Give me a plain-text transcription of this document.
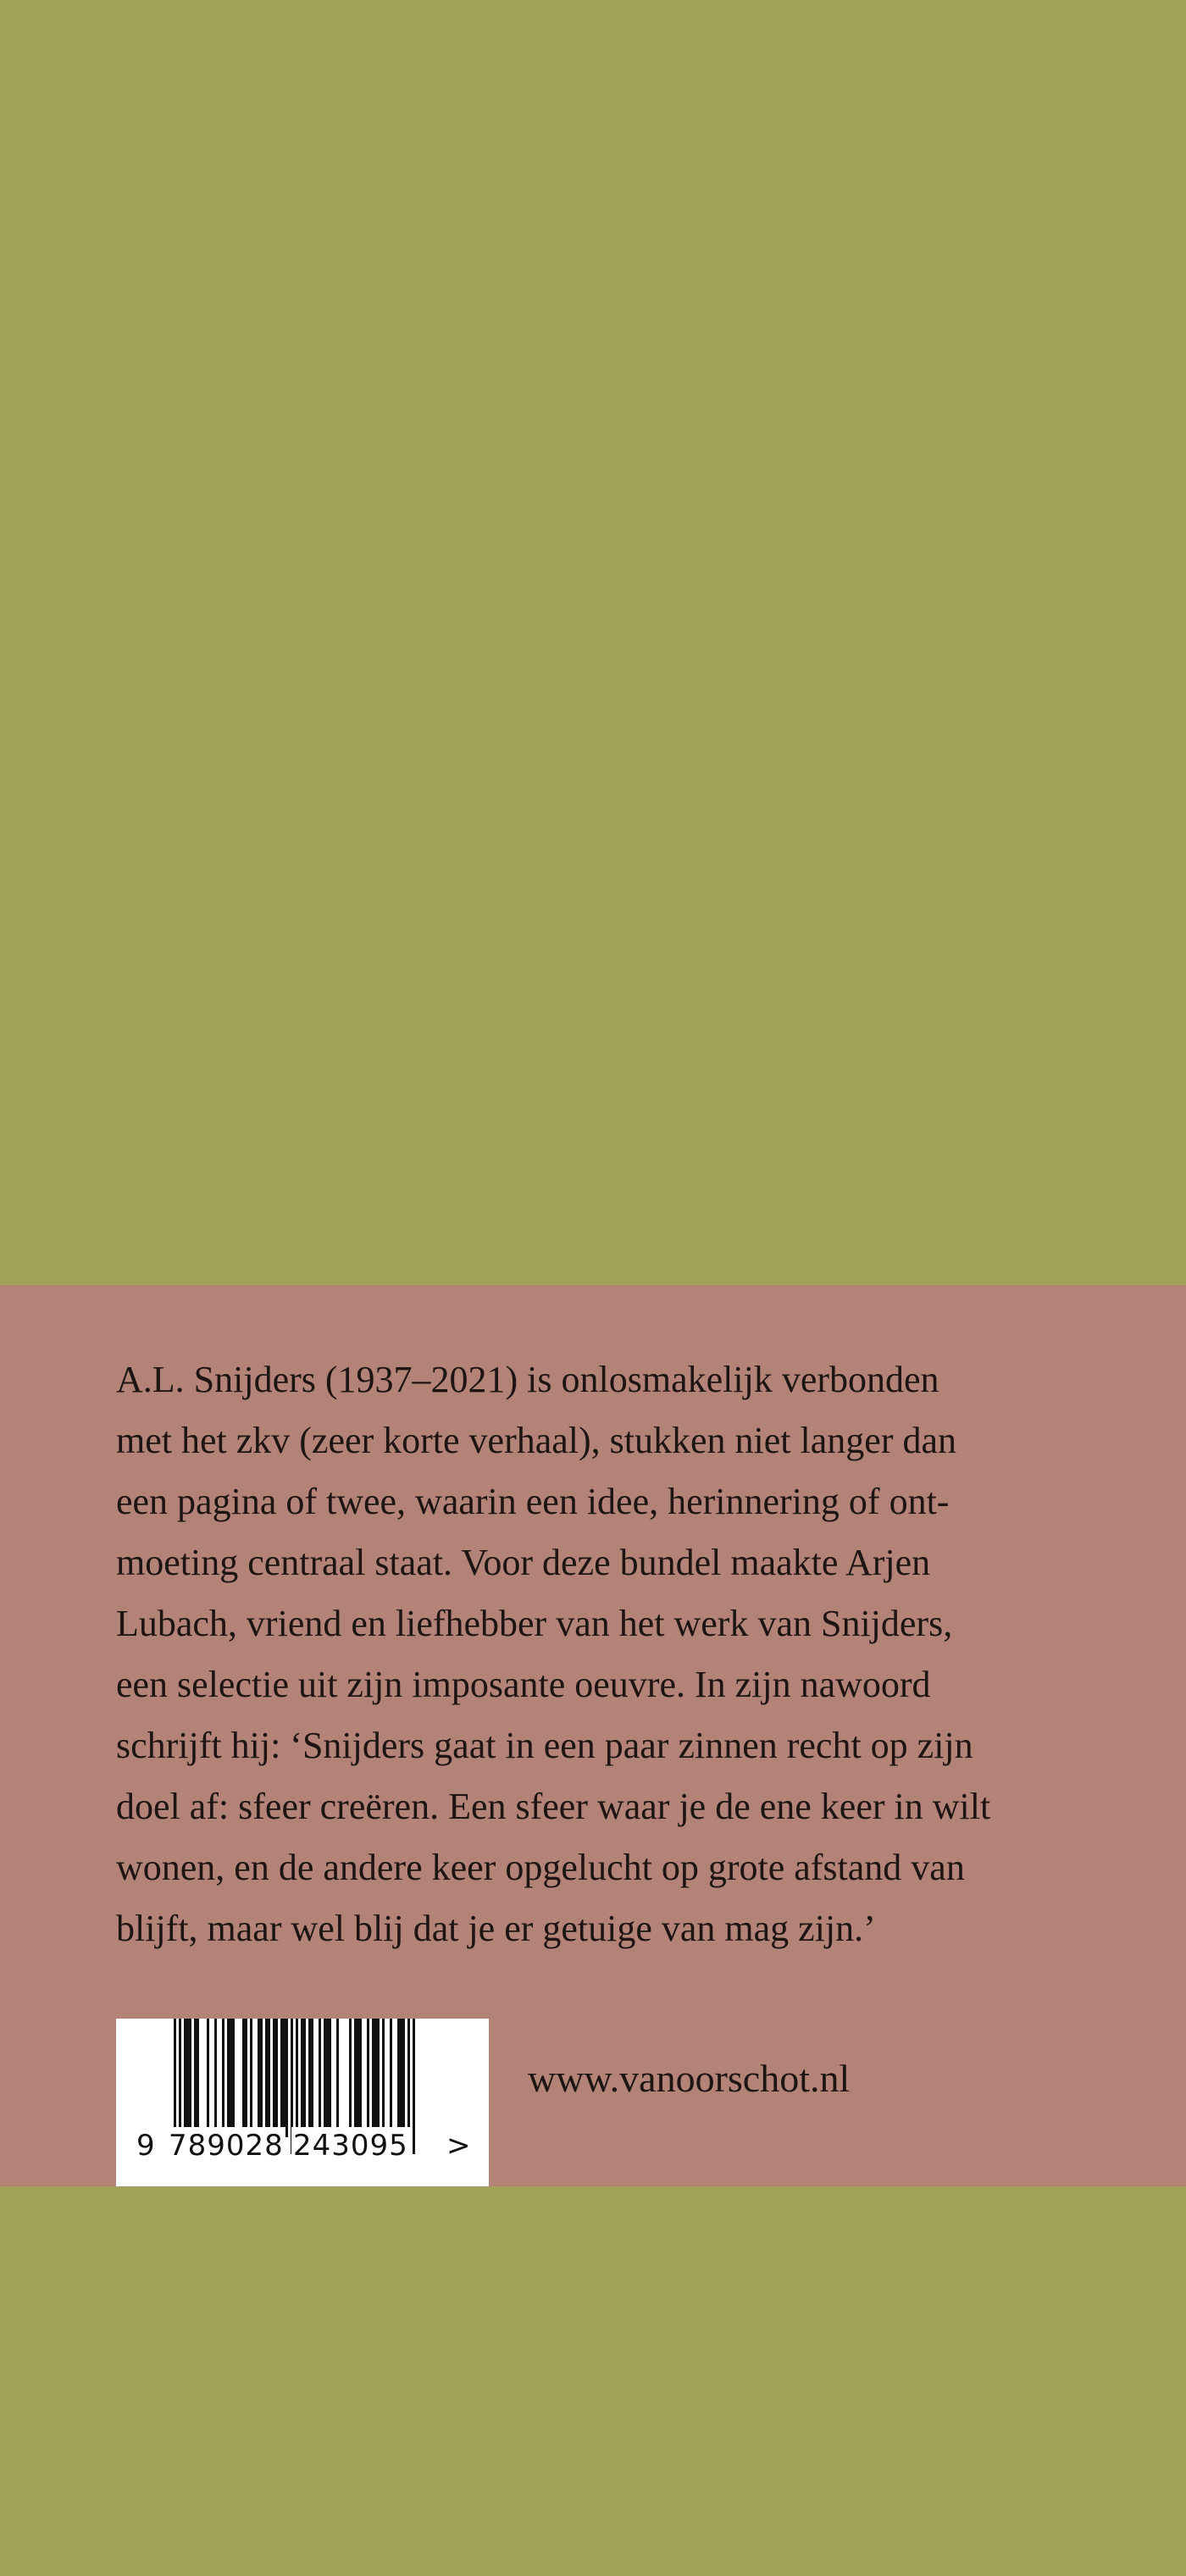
A.L. Snijders (1937–2021) is onlosmakelijk verbonden
met het zkv (zeer korte verhaal), stukken niet langer dan
een pagina of twee, waarin een idee, herinnering of ont-
moeting centraal staat. Voor deze bundel maakte Arjen
Lubach, vriend en liefhebber van het werk van Snijders,
een selectie uit zijn imposante oeuvre. In zijn nawoord
schrijft hij: ‘Snijders gaat in een paar zinnen recht op zijn
doel af: sfeer creëren. Een sfeer waar je de ene keer in wilt
wonen, en de andere keer opgelucht op grote afstand van
blijft, maar wel blij dat je er getuige van mag zijn.’

9 789028 243095 >
www.vanoorschot.nl
